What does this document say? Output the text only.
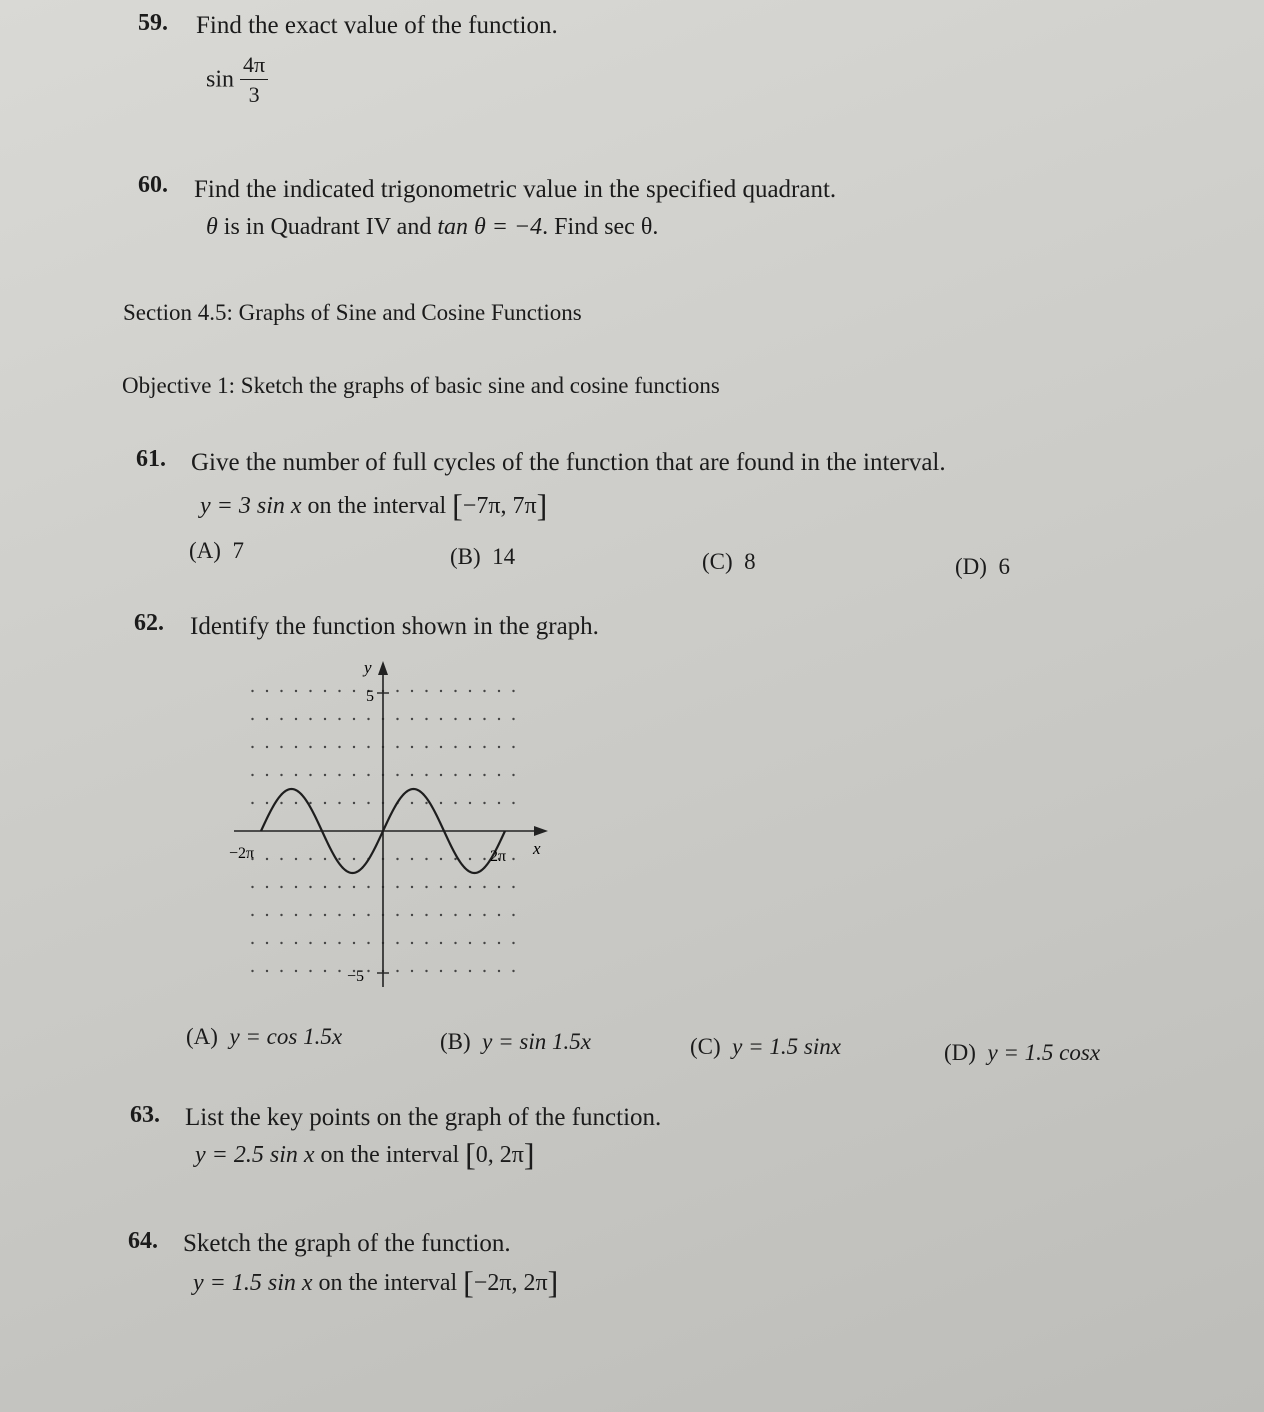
59. Find the exact value of the function.
$\sin \frac{4\pi}{3}$
60. Find the indicated trigonometric value in the specified quadrant.
θ is in Quadrant IV and tan θ = −4. Find sec θ.
Section 4.5: Graphs of Sine and Cosine Functions
Objective 1: Sketch the graphs of basic sine and cosine functions
61. Give the number of full cycles of the function that are found in the interval.
y = 3 sin x on the interval [−7π, 7π]
(A) 7	(B) 14	(C) 8	(D) 6
62. Identify the function shown in the graph.
y
x
5
−5
−2π	2π
(A) y = cos 1.5x	(B) y = sin 1.5x	(C) y = 1.5 sinx	(D) y = 1.5 cosx
63. List the key points on the graph of the function.
y = 2.5 sin x on the interval [0, 2π]
64. Sketch the graph of the function.
y = 1.5 sin x on the interval [−2π, 2π]
